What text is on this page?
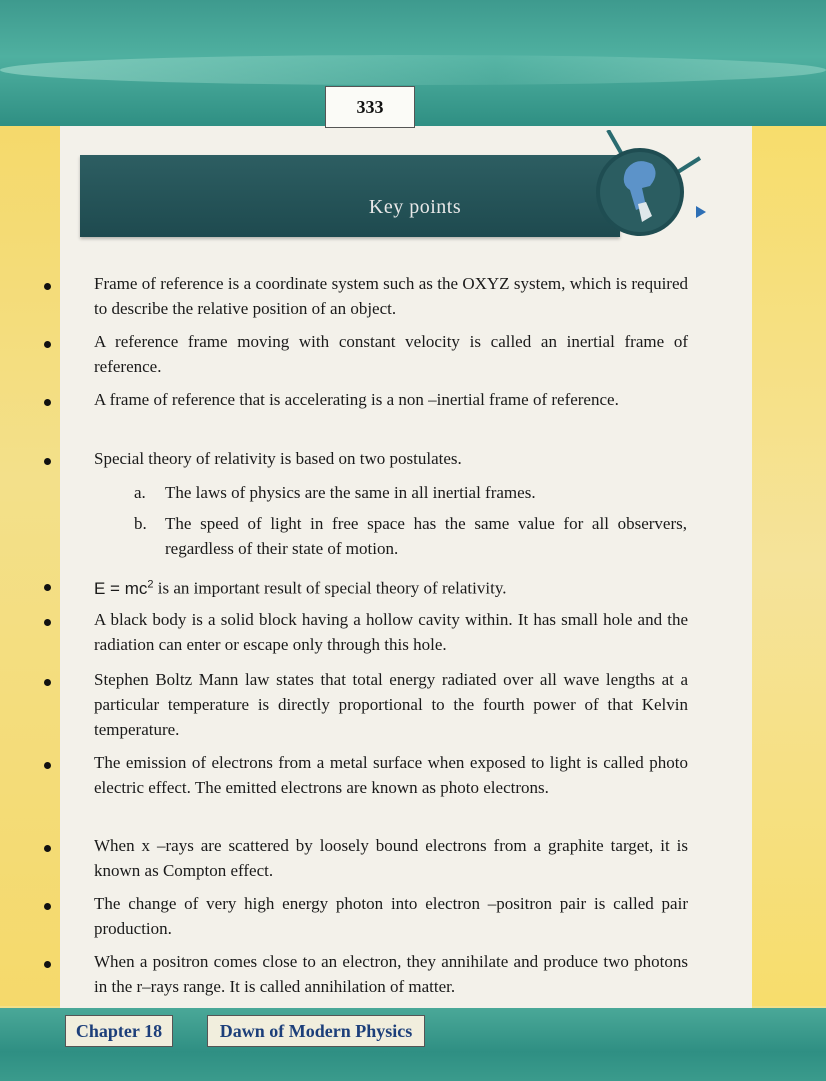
333
Key points
Frame of reference is a coordinate system such as the OXYZ system, which is required to describe the relative position of an object.
A reference frame moving with constant velocity is called an inertial frame of reference.
A frame of reference that is accelerating is a non –inertial frame of reference.
Special theory of relativity is based on two postulates.
a. The laws of physics are the same in all inertial frames.
b. The speed of light in free space has the same value for all observers, regardless of their state of motion.
$E = mc^2$ is an important result of special theory of relativity.
A black body is a solid block having a hollow cavity within. It has small hole and the radiation can enter or escape only through this hole.
Stephen Boltz Mann law states that total energy radiated over all wave lengths at a particular temperature is directly proportional to the fourth power of that Kelvin temperature.
The emission of electrons from a metal surface when exposed to light is called photo electric effect. The emitted electrons are known as photo electrons.
When x –rays are scattered by loosely bound electrons from a graphite target, it is known as Compton effect.
The change of very high energy photon into electron –positron pair is called pair production.
When a positron comes close to an electron, they annihilate and produce two photons in the r–rays range. It is called annihilation of matter.
Chapter 18	Dawn of Modern Physics
